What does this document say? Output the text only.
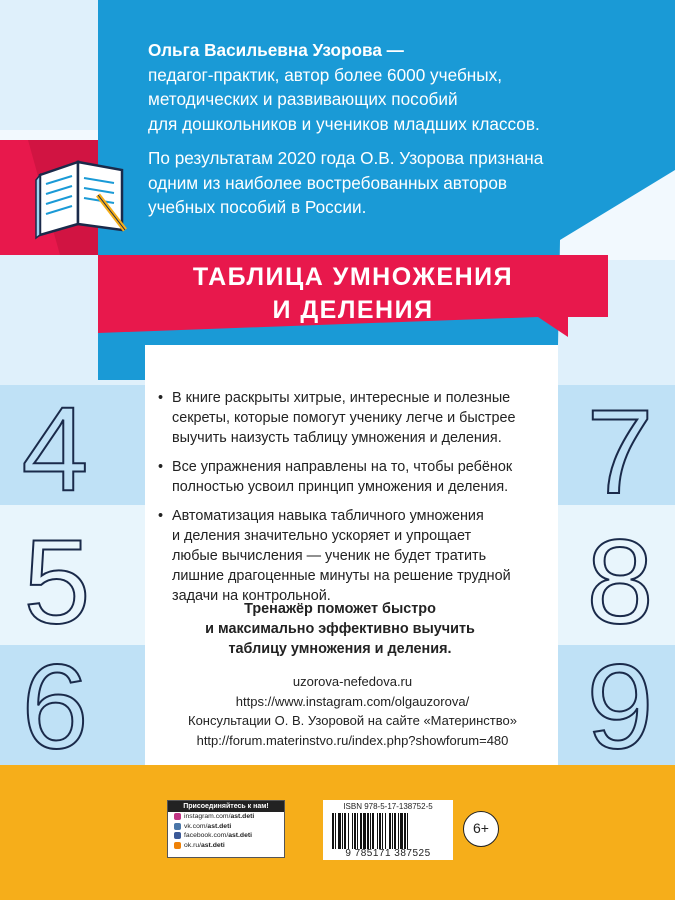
Ольга Васильевна Узорова —
педагог-практик, автор более 6000 учебных,
методических и развивающих пособий
для дошкольников и учеников младших классов.

По результатам 2020 года О.В. Узорова признана
одним из наиболее востребованных авторов
учебных пособий в России.

ТАБЛИЦА УМНОЖЕНИЯ
И ДЕЛЕНИЯ
• В книге раскрыты хитрые, интересные и полезные
секреты, которые помогут ученику легче и быстрее
выучить наизусть таблицу умножения и деления.
• Все упражнения направлены на то, чтобы ребёнок
полностью усвоил принцип умножения и деления.
• Автоматизация навыка табличного умножения
и деления значительно ускоряет и упрощает
любые вычисления — ученик не будет тратить
лишние драгоценные минуты на решение трудной
задачи на контрольной.
Тренажёр поможет быстро
и максимально эффективно выучить
таблицу умножения и деления.
uzorova-nefedova.ru
https://www.instagram.com/olgauzorova/
Консультации О. В. Узоровой на сайте «Материнство»
http://forum.materinstvo.ru/index.php?showforum=480
4
5
6
7
8
9
Присоединяйтесь к нам!
instagram.com/ ast.deti
vk.com/ ast.deti
facebook.com/ ast.deti
ok.ru/ ast.deti
ISBN 978-5-17-138752-5
9 785171 387525
6+
